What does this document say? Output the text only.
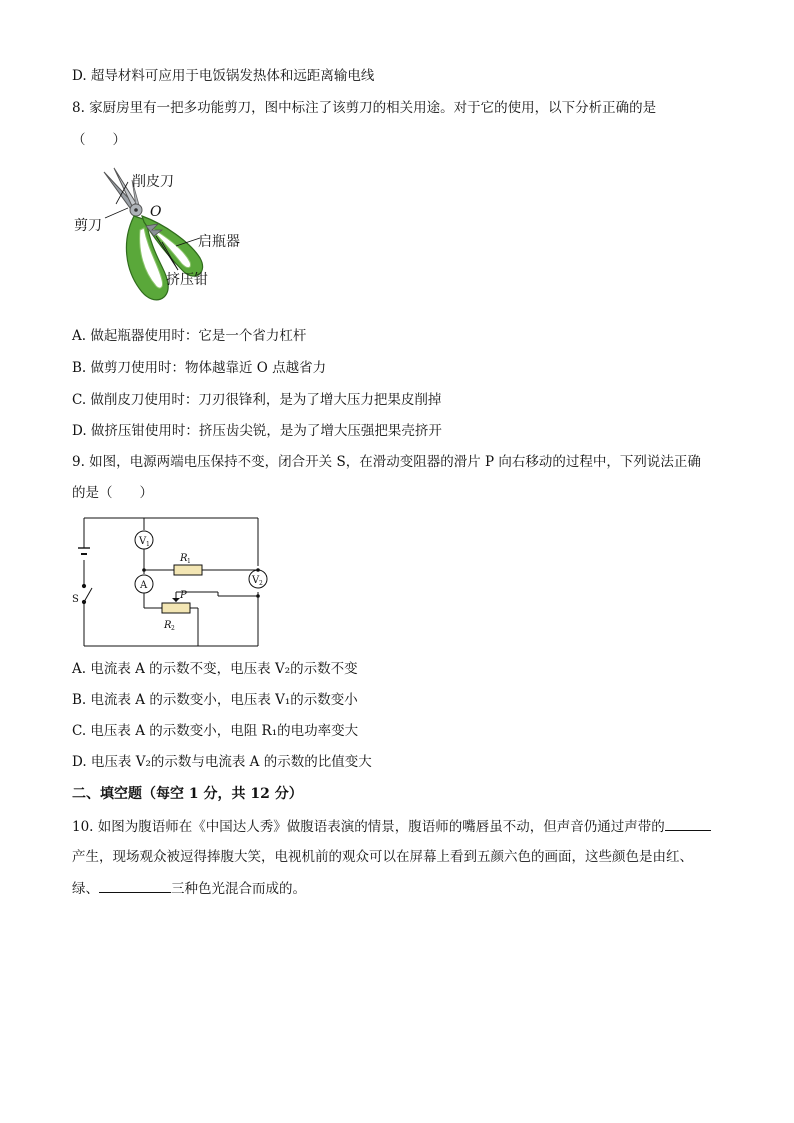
D. 超导材料可应用于电饭锅发热体和远距离输电线
8. 家厨房里有一把多功能剪刀，图中标注了该剪刀的相关用途。对于它的使用，以下分析正确的是
（　　）
削皮刀
O
剪刀
启瓶器
挤压钳
A. 做起瓶器使用时：它是一个省力杠杆
B. 做剪刀使用时：物体越靠近 O 点越省力
C. 做削皮刀使用时：刀刃很锋利，是为了增大压力把果皮削掉
D. 做挤压钳使用时：挤压齿尖锐，是为了增大压强把果壳挤开
9. 如图，电源两端电压保持不变，闭合开关 S，在滑动变阻器的滑片 P 向右移动的过程中，下列说法正确
的是（　　）
V 1
A	V 2
R 1
R 2
P
S
A. 电流表 A 的示数不变，电压表 V₂的示数不变
B. 电流表 A 的示数变小，电压表 V₁的示数变小
C. 电压表 A 的示数变小，电阻 R₁的电功率变大
D. 电压表 V₂的示数与电流表 A 的示数的比值变大
二、填空题（每空 1 分，共 12 分）
10. 如图为腹语师在《中国达人秀》做腹语表演的情景，腹语师的嘴唇虽不动，但声音仍通过声带的
产生，现场观众被逗得捧腹大笑，电视机前的观众可以在屏幕上看到五颜六色的画面，这些颜色是由红、
绿、	三种色光混合而成的。
